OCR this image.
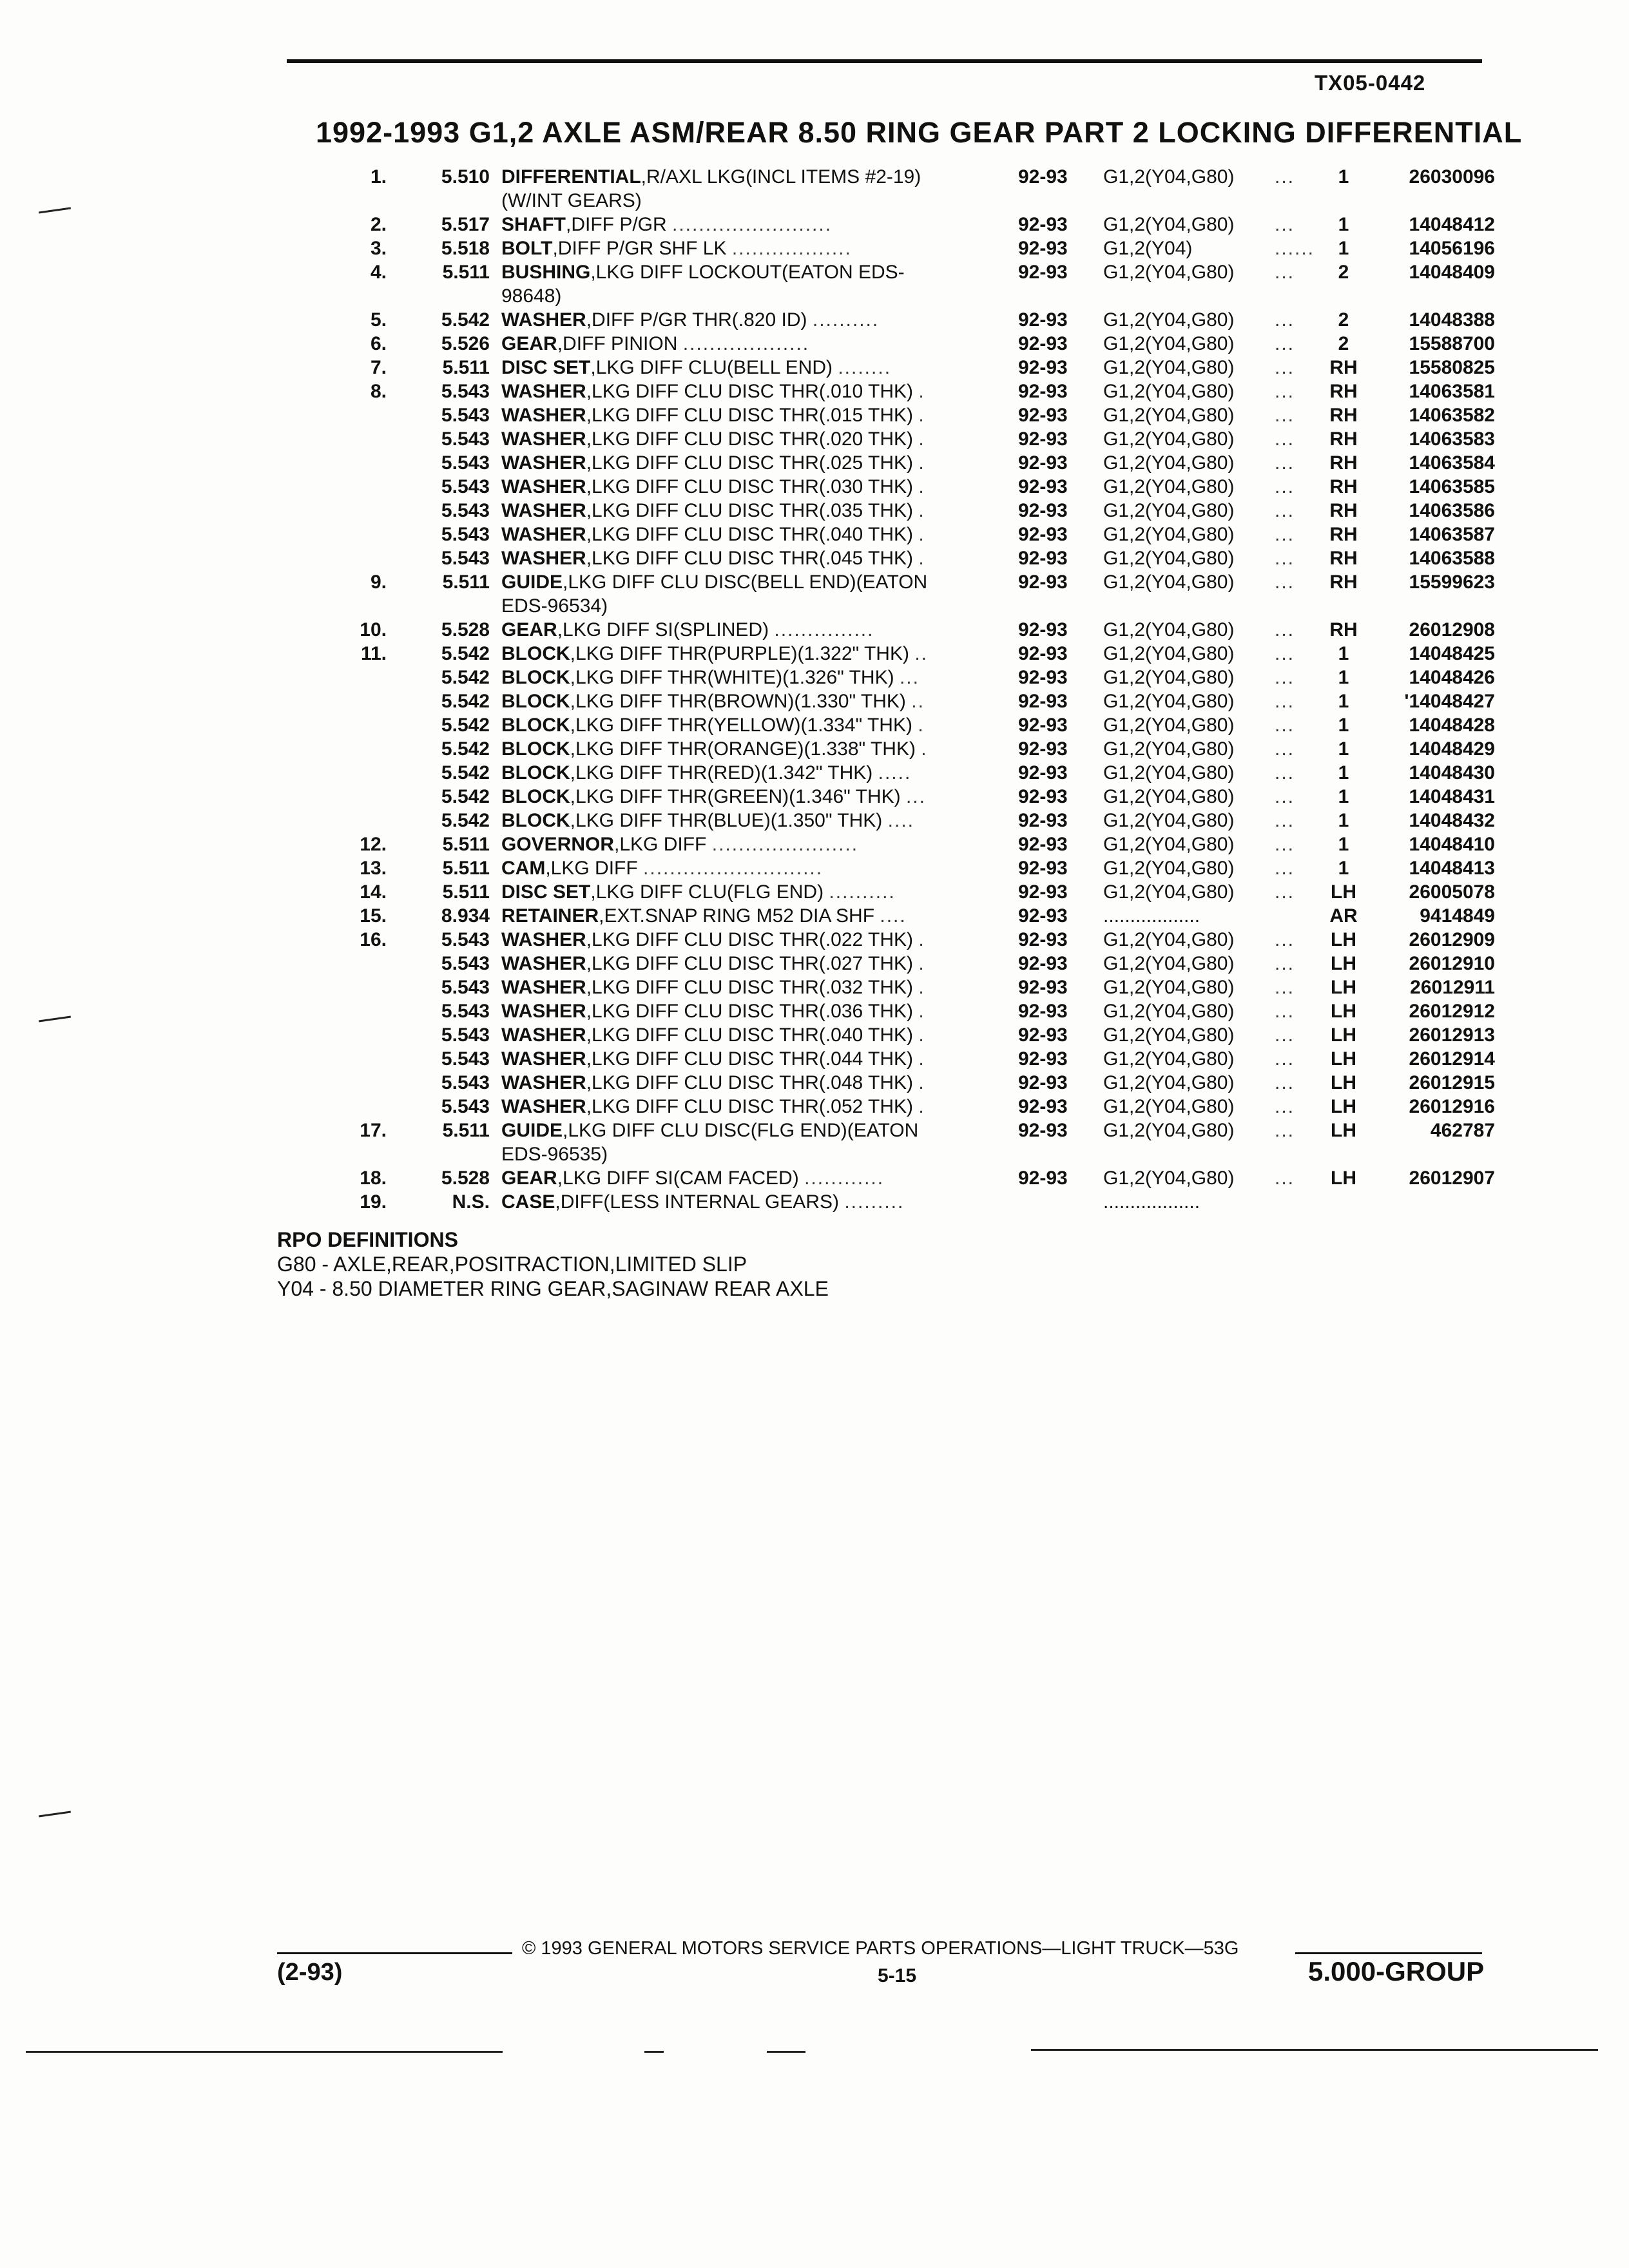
TX05-0442
1992-1993 G1,2 AXLE ASM/REAR 8.50 RING GEAR PART 2 LOCKING DIFFERENTIAL
1.	5.510 DIFFERENTIAL,R/AXL LKG(INCL ITEMS #2-19)	92-93 G1,2(Y04,G80)	...	1	26030096
(W/INT GEARS)
2.	5.517 SHAFT,DIFF P/GR ........................	92-93 G1,2(Y04,G80)	...	1	14048412
3.	5.518 BOLT,DIFF P/GR SHF LK ..................	92-93 G1,2(Y04)	......	1	14056196
4.	5.511 BUSHING,LKG DIFF LOCKOUT(EATON EDS-	92-93 G1,2(Y04,G80)	...	2	14048409
98648)
5.	5.542 WASHER,DIFF P/GR THR(.820 ID) ..........	92-93 G1,2(Y04,G80)	...	2	14048388
6.	5.526 GEAR,DIFF PINION ...................	92-93 G1,2(Y04,G80)	...	2	15588700
7.	5.511 DISC SET,LKG DIFF CLU(BELL END) ........	92-93 G1,2(Y04,G80)	...	RH	15580825
8.	5.543 WASHER,LKG DIFF CLU DISC THR(.010 THK) .	92-93 G1,2(Y04,G80)	...	RH	14063581
5.543 WASHER,LKG DIFF CLU DISC THR(.015 THK) .	92-93 G1,2(Y04,G80)	...	RH	14063582
5.543 WASHER,LKG DIFF CLU DISC THR(.020 THK) .	92-93 G1,2(Y04,G80)	...	RH	14063583
5.543 WASHER,LKG DIFF CLU DISC THR(.025 THK) .	92-93 G1,2(Y04,G80)	...	RH	14063584
5.543 WASHER,LKG DIFF CLU DISC THR(.030 THK) .	92-93 G1,2(Y04,G80)	...	RH	14063585
5.543 WASHER,LKG DIFF CLU DISC THR(.035 THK) .	92-93 G1,2(Y04,G80)	...	RH	14063586
5.543 WASHER,LKG DIFF CLU DISC THR(.040 THK) .	92-93 G1,2(Y04,G80)	...	RH	14063587
5.543 WASHER,LKG DIFF CLU DISC THR(.045 THK) .	92-93 G1,2(Y04,G80)	...	RH	14063588
9.	5.511 GUIDE,LKG DIFF CLU DISC(BELL END)(EATON	92-93 G1,2(Y04,G80)	...	RH	15599623
EDS-96534)
10.	5.528 GEAR,LKG DIFF SI(SPLINED) ...............	92-93 G1,2(Y04,G80)	...	RH	26012908
11.	5.542 BLOCK,LKG DIFF THR(PURPLE)(1.322" THK) ..	92-93 G1,2(Y04,G80)	...	1	14048425
5.542 BLOCK,LKG DIFF THR(WHITE)(1.326" THK) ...	92-93 G1,2(Y04,G80)	...	1	14048426
5.542 BLOCK,LKG DIFF THR(BROWN)(1.330" THK) ..	92-93 G1,2(Y04,G80)	...	1	'14048427
5.542 BLOCK,LKG DIFF THR(YELLOW)(1.334" THK) .	92-93 G1,2(Y04,G80)	...	1	14048428
5.542 BLOCK,LKG DIFF THR(ORANGE)(1.338" THK) .	92-93 G1,2(Y04,G80)	...	1	14048429
5.542 BLOCK,LKG DIFF THR(RED)(1.342" THK) .....	92-93 G1,2(Y04,G80)	...	1	14048430
5.542 BLOCK,LKG DIFF THR(GREEN)(1.346" THK) ...	92-93 G1,2(Y04,G80)	...	1	14048431
5.542 BLOCK,LKG DIFF THR(BLUE)(1.350" THK) ....	92-93 G1,2(Y04,G80)	...	1	14048432
12.	5.511 GOVERNOR,LKG DIFF ......................	92-93 G1,2(Y04,G80)	...	1	14048410
13.	5.511 CAM,LKG DIFF ...........................	92-93 G1,2(Y04,G80)	...	1	14048413
14.	5.511 DISC SET,LKG DIFF CLU(FLG END) ..........	92-93 G1,2(Y04,G80)	...	LH	26005078
15.	8.934 RETAINER,EXT.SNAP RING M52 DIA SHF ....	92-93 ..................	AR	9414849
16.	5.543 WASHER,LKG DIFF CLU DISC THR(.022 THK) .	92-93 G1,2(Y04,G80)	...	LH	26012909
5.543 WASHER,LKG DIFF CLU DISC THR(.027 THK) .	92-93 G1,2(Y04,G80)	...	LH	26012910
5.543 WASHER,LKG DIFF CLU DISC THR(.032 THK) .	92-93 G1,2(Y04,G80)	...	LH	26012911
5.543 WASHER,LKG DIFF CLU DISC THR(.036 THK) .	92-93 G1,2(Y04,G80)	...	LH	26012912
5.543 WASHER,LKG DIFF CLU DISC THR(.040 THK) .	92-93 G1,2(Y04,G80)	...	LH	26012913
5.543 WASHER,LKG DIFF CLU DISC THR(.044 THK) .	92-93 G1,2(Y04,G80)	...	LH	26012914
5.543 WASHER,LKG DIFF CLU DISC THR(.048 THK) .	92-93 G1,2(Y04,G80)	...	LH	26012915
5.543 WASHER,LKG DIFF CLU DISC THR(.052 THK) .	92-93 G1,2(Y04,G80)	...	LH	26012916
17.	5.511 GUIDE,LKG DIFF CLU DISC(FLG END)(EATON	92-93 G1,2(Y04,G80)	...	LH	462787
EDS-96535)
18.	5.528 GEAR,LKG DIFF SI(CAM FACED) ............	92-93 G1,2(Y04,G80)	...	LH	26012907
19.	N.S. CASE,DIFF(LESS INTERNAL GEARS) .........	..................
RPO DEFINITIONS
G80 - AXLE,REAR,POSITRACTION,LIMITED SLIP
Y04 - 8.50 DIAMETER RING GEAR,SAGINAW REAR AXLE
© 1993 GENERAL MOTORS SERVICE PARTS OPERATIONS—LIGHT TRUCK—53G
(2-93)	5-15	5.000-GROUP
